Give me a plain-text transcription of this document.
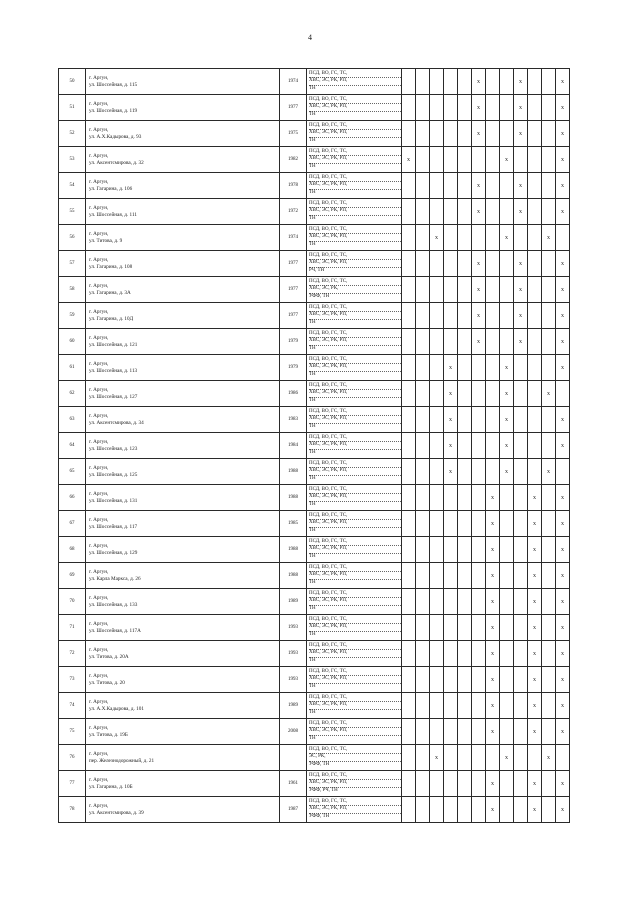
4
50	г. Аргун,
ул. Шоссейная, д. 115	1974	ПСД, ВО, ГС, ТС,
ХВС, ЭС, РК, РП,
ТН						x			x			x
51	г. Аргун,
ул. Шоссейная, д. 119	1977	ПСД, ВО, ГС, ТС,
ХВС, ЭС, РК, РП,
ТН						x			x			x
52	г. Аргун,
ул. А.Х.Кадырова, д. 93	1975	ПСД, ВО, ГС, ТС,
ХВС, ЭС, РК, РП,
ТН						x			x			x
53	г. Аргун,
ул. Аксентсмирова, д. 32	1982	ПСД, ВО, ГС, ТС,
ХВС, ЭС, РК, РП,
ТН	x							x				x
54	г. Аргун,
ул. Гагарина, д. 106	1978	ПСД, ВО, ГС, ТС,
ХВС, ЭС, РК, РП,
ТН						x			x			x
55	г. Аргун,
ул. Шоссейная, д. 111	1972	ПСД, ВО, ГС, ТС,
ХВС, ЭС, РК, РП,
ТН						x			x			x
56	г. Аргун,
ул. Титова, д. 9	1974	ПСД, ВО, ГС, ТС,
ХВС, ЭС, РК, РП,
ТН			x					x			x	
57	г. Аргун,
ул. Гагарина, д. 108	1977	ПСД, ВО, ГС, ТС,
ХВС, ЭС, РК, РП,
РЧ, ТН						x			x			x
58	г. Аргун,
ул. Гагарина, д. 3А	1977	ПСД, ВО, ГС, ТС,
ХВС, ЭС, РК,
УФФ, ТН						x			x			x
59	г. Аргун,
ул. Гагарина, д. 10Д	1977	ПСД, ВО, ГС, ТС,
ХВС, ЭС, РК, РП,
ТН						x			x			x
60	г. Аргун,
ул. Шоссейная, д. 121	1979	ПСД, ВО, ГС, ТС,
ХВС, ЭС, РК, РП,
ТН						x			x			x
61	г. Аргун,
ул. Шоссейная, д. 113	1979	ПСД, ВО, ГС, ТС,
ХВС, ЭС, РК, РП,
ТН				x				x				x
62	г. Аргун,
ул. Шоссейная, д. 127	1986	ПСД, ВО, ГС, ТС,
ХВС, ЭС, РК, РП,
ТН				x				x			x	
63	г. Аргун,
ул. Аксентсмирова, д. 34	1983	ПСД, ВО, ГС, ТС,
ХВС, ЭС, РК, РП,
ТН				x				x				x
64	г. Аргун,
ул. Шоссейная, д. 123	1984	ПСД, ВО, ГС, ТС,
ХВС, ЭС, РК, РП,
ТН				x				x				x
65	г. Аргун,
ул. Шоссейная, д. 125	1988	ПСД, ВО, ГС, ТС,
ХВС, ЭС, РК, РП,
ТН				x				x			x	
66	г. Аргун,
ул. Шоссейная, д. 131	1988	ПСД, ВО, ГС, ТС,
ХВС, ЭС, РК, РП,
ТН							x			x		x
67	г. Аргун,
ул. Шоссейная, д. 117	1985	ПСД, ВО, ГС, ТС,
ХВС, ЭС, РК, РП,
ТН							x			x		x
68	г. Аргун,
ул. Шоссейная, д. 129	1988	ПСД, ВО, ГС, ТС,
ХВС, ЭС, РК, РП,
ТН							x			x		x
69	г. Аргун,
ул. Карла Маркса, д. 26	1988	ПСД, ВО, ГС, ТС,
ХВС, ЭС, РК, РП,
ТН							x			x		x
70	г. Аргун,
ул. Шоссейная, д. 133	1989	ПСД, ВО, ГС, ТС,
ХВС, ЭС, РК, РП,
ТН							x			x		x
71	г. Аргун,
ул. Шоссейная, д. 117А	1993	ПСД, ВО, ГС, ТС,
ХВС, ЭС, РК, РП,
ТН							x			x		x
72	г. Аргун,
ул. Титова, д. 20А	1993	ПСД, ВО, ГС, ТС,
ХВС, ЭС, РК, РП,
ТН							x			x		x
73	г. Аргун,
ул. Титова, д. 20	1993	ПСД, ВО, ГС, ТС,
ХВС, ЭС, РК, РП,
ТН							x			x		x
74	г. Аргун,
ул. А.Х.Кадырова, д. 101	1989	ПСД, ВО, ГС, ТС,
ХВС, ЭС, РК, РП,
ТН							x			x		x
75	г. Аргун,
ул. Титова, д. 19Б	2008	ПСД, ВО, ГС, ТС,
ХВС, ЭС, РК, РП,
ТН							x			x		x
76	г. Аргун,
пер. Железнодорожный, д. 21		ПСД, ВО, ГС, ТС,
ЭС, РК,
УФФ, ТН			x					x			x	
77	г. Аргун,
ул. Гагарина, д. 10Б	1961	ПСД, ВО, ГС, ТС,
ХВС, ЭС, РК, РП,
УФФ, РЧ, ТН							x			x		x
78	г. Аргун,
ул. Аксентсмирова, д. 39	1987	ПСД, ВО, ГС, ТС,
ХВС, ЭС, РК, РП,
УФФ, ТН							x			x		x
